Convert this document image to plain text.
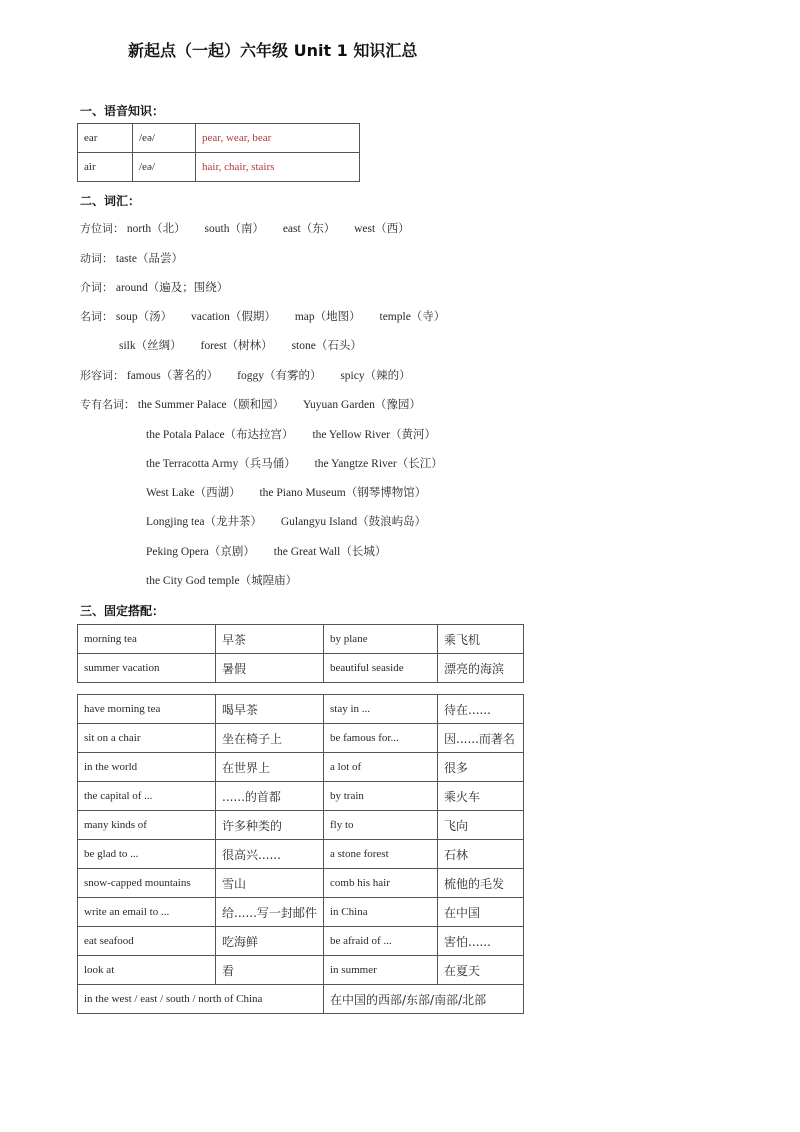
新起点（一起）六年级 Unit 1 知识汇总
一、语音知识：
ear	/eə/	pear, wear, bear
air	/eə/	hair, chair, stairs
二、词汇：
方位词： north（北） south（南） east（东） west（西）
动词： taste（品尝）
介词： around（遍及；围绕）
名词： soup（汤） vacation（假期） map（地图） temple（寺）
silk（丝绸） forest（树林） stone（石头）
形容词： famous（著名的） foggy（有雾的） spicy（辣的）
专有名词： the Summer Palace（颐和园） Yuyuan Garden（豫园）
the Potala Palace（布达拉宫） the Yellow River（黄河）
the Terracotta Army（兵马俑） the Yangtze River（长江）
West Lake（西湖） the Piano Museum（钢琴博物馆）
Longjing tea（龙井茶） Gulangyu Island（鼓浪屿岛）
Peking Opera（京剧） the Great Wall（长城）
the City God temple（城隍庙）
三、固定搭配：
morning tea	早茶	by plane	乘飞机
summer vacation	暑假	beautiful seaside	漂亮的海滨
have morning tea	喝早茶	stay in ...	待在......
sit on a chair	坐在椅子上	be famous for...	因......而著名
in the world	在世界上	a lot of	很多
the capital of ...	......的首都	by train	乘火车
many kinds of	许多种类的	fly to	飞向
be glad to ...	很高兴......	a stone forest	石林
snow-capped mountains	雪山	comb his hair	梳他的毛发
write an email to ...	给......写一封邮件	in China	在中国
eat seafood	吃海鲜	be afraid of ...	害怕......
look at	看	in summer	在夏天
in the west / east / south / north of China		在中国的西部/东部/南部/北部	
